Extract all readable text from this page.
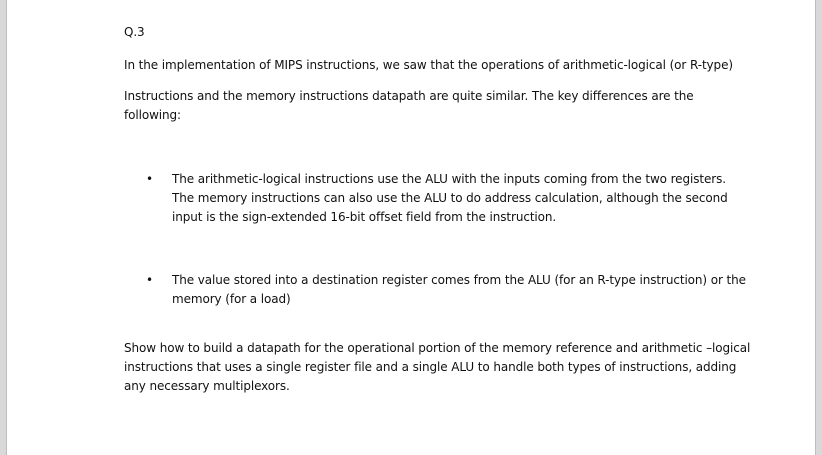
Q.3

In the implementation of MIPS instructions, we saw that the operations of arithmetic-logical (or R-type)

Instructions and the memory instructions datapath are quite similar. The key differences are the

following:

• The arithmetic-logical instructions use the ALU with the inputs coming from the two registers.

The memory instructions can also use the ALU to do address calculation, although the second

input is the sign-extended 16-bit offset field from the instruction.

• The value stored into a destination register comes from the ALU (for an R-type instruction) or the

memory (for a load)

Show how to build a datapath for the operational portion of the memory reference and arithmetic –logical

instructions that uses a single register file and a single ALU to handle both types of instructions, adding

any necessary multiplexors.
